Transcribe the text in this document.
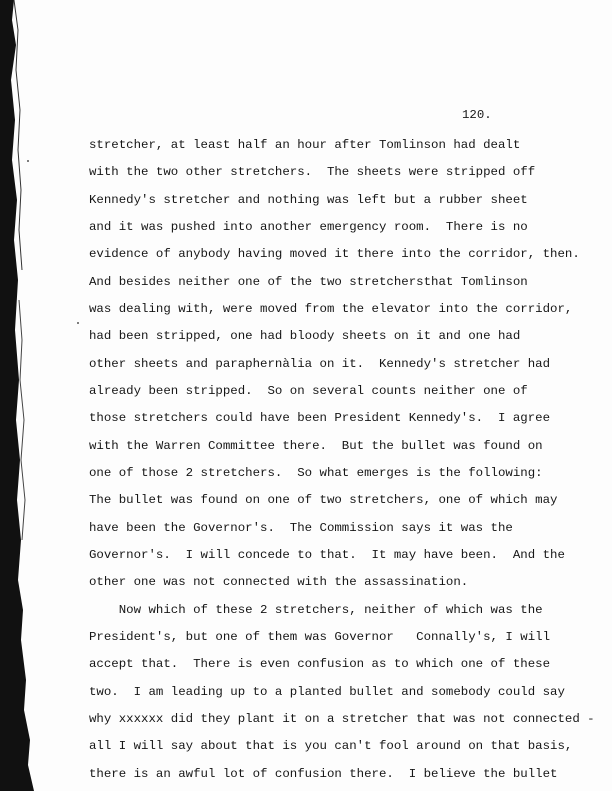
120.
stretcher, at least half an hour after Tomlinson had dealt
with the two other stretchers.  The sheets were stripped off
Kennedy's stretcher and nothing was left but a rubber sheet
and it was pushed into another emergency room.  There is no
evidence of anybody having moved it there into the corridor, then.
And besides neither one of the two stretchersthat Tomlinson
was dealing with, were moved from the elevator into the corridor,
had been stripped, one had bloody sheets on it and one had
other sheets and paraphernàlia on it.  Kennedy's stretcher had
already been stripped.  So on several counts neither one of
those stretchers could have been President Kennedy's.  I agree
with the Warren Committee there.  But the bullet was found on
one of those 2 stretchers.  So what emerges is the following:
The bullet was found on one of two stretchers, one of which may
have been the Governor's.  The Commission says it was the
Governor's.  I will concede to that.  It may have been.  And the
other one was not connected with the assassination.
Now which of these 2 stretchers, neither of which was the
President's, but one of them was Governor   Connally's, I will
accept that.  There is even confusion as to which one of these
two.  I am leading up to a planted bullet and somebody could say
why xxxxxx did they plant it on a stretcher that was not connected -
all I will say about that is you can't fool around on that basis,
there is an awful lot of confusion there.  I believe the bullet
